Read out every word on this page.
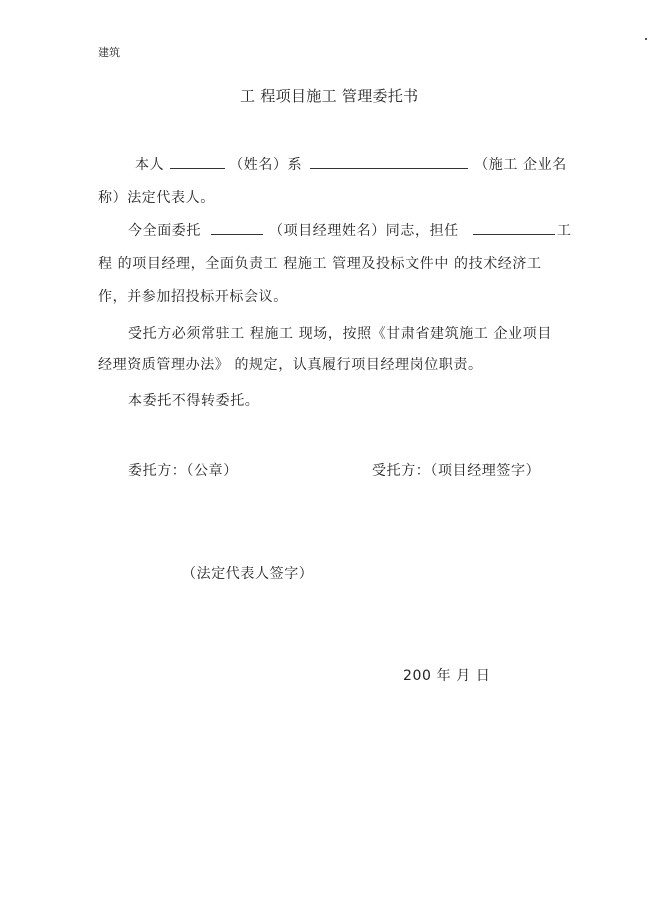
建筑
工 程项目施工 管理委托书
本人	（姓名）系	（施工 企业名
称）法定代表人。
今全面委托	（项目经理姓名）同志，担任	工
程 的项目经理，全面负责工 程施工 管理及投标文件中 的技术经济工
作，并参加招投标开标会议。
受托方必须常驻工 程施工 现场，按照《甘肃省建筑施工 企业项目
经理资质管理办法》 的规定，认真履行项目经理岗位职责。
本委托不得转委托。
委托方：（公章）	受托方：（项目经理签字）
（法定代表人签字）
200 年 月 日
